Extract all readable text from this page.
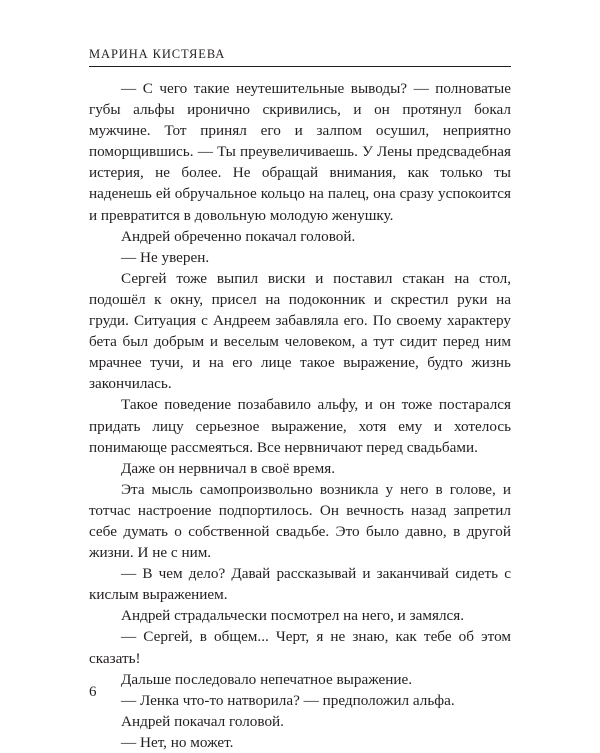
МАРИНА КИСТЯЕВА

— С чего такие неутешительные выводы? — полноватые губы альфы иронично скривились, и он протянул бокал мужчине. Тот принял его и залпом осушил, неприятно поморщившись. — Ты преувеличиваешь. У Лены предсвадебная истерия, не более. Не обращай внимания, как только ты наденешь ей обручальное кольцо на палец, она сразу успокоится и превратится в довольную молодую женушку.

Андрей обреченно покачал головой.

— Не уверен.

Сергей тоже выпил виски и поставил стакан на стол, подошёл к окну, присел на подоконник и скрестил руки на груди. Ситуация с Андреем забавляла его. По своему характеру бета был добрым и веселым человеком, а тут сидит перед ним мрачнее тучи, и на его лице такое выражение, будто жизнь закончилась.

Такое поведение позабавило альфу, и он тоже постарался придать лицу серьезное выражение, хотя ему и хотелось понимающе рассмеяться. Все нервничают перед свадьбами.

Даже он нервничал в своё время.

Эта мысль самопроизвольно возникла у него в голове, и тотчас настроение подпортилось. Он вечность назад запретил себе думать о собственной свадьбе. Это было давно, в другой жизни. И не с ним.

— В чем дело? Давай рассказывай и заканчивай сидеть с кислым выражением.

Андрей страдальчески посмотрел на него, и замялся.

— Сергей, в общем... Черт, я не знаю, как тебе об этом сказать!

Дальше последовало непечатное выражение.

— Ленка что-то натворила? — предположил альфа.

Андрей покачал головой.

— Нет, но может.

6
